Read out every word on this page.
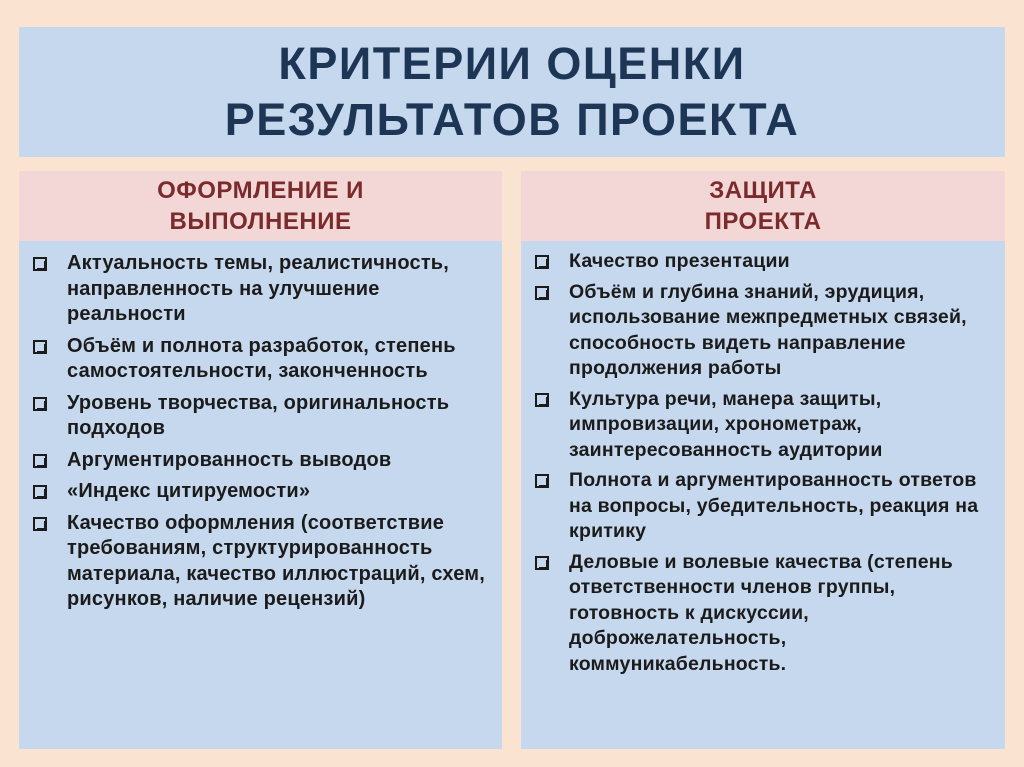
КРИТЕРИИ ОЦЕНКИ
РЕЗУЛЬТАТОВ ПРОЕКТА
ОФОРМЛЕНИЕ И
ВЫПОЛНЕНИЕ
ЗАЩИТА
ПРОЕКТА
Актуальность темы, реалистичность, направленность на улучшение реальности
Объём и полнота разработок, степень самостоятельности, законченность
Уровень творчества, оригинальность подходов
Аргументированность выводов
«Индекс цитируемости»
Качество оформления (соответствие требованиям, структурированность материала, качество иллюстраций, схем, рисунков, наличие рецензий)
Качество презентации
Объём и глубина знаний, эрудиция, использование межпредметных связей, способность видеть направление продолжения работы
Культура речи, манера защиты, импровизации, хронометраж, заинтересованность аудитории
Полнота и аргументированность ответов на вопросы, убедительность, реакция на критику
Деловые и волевые качества (степень ответственности членов группы, готовность к дискуссии, доброжелательность, коммуникабельность.
